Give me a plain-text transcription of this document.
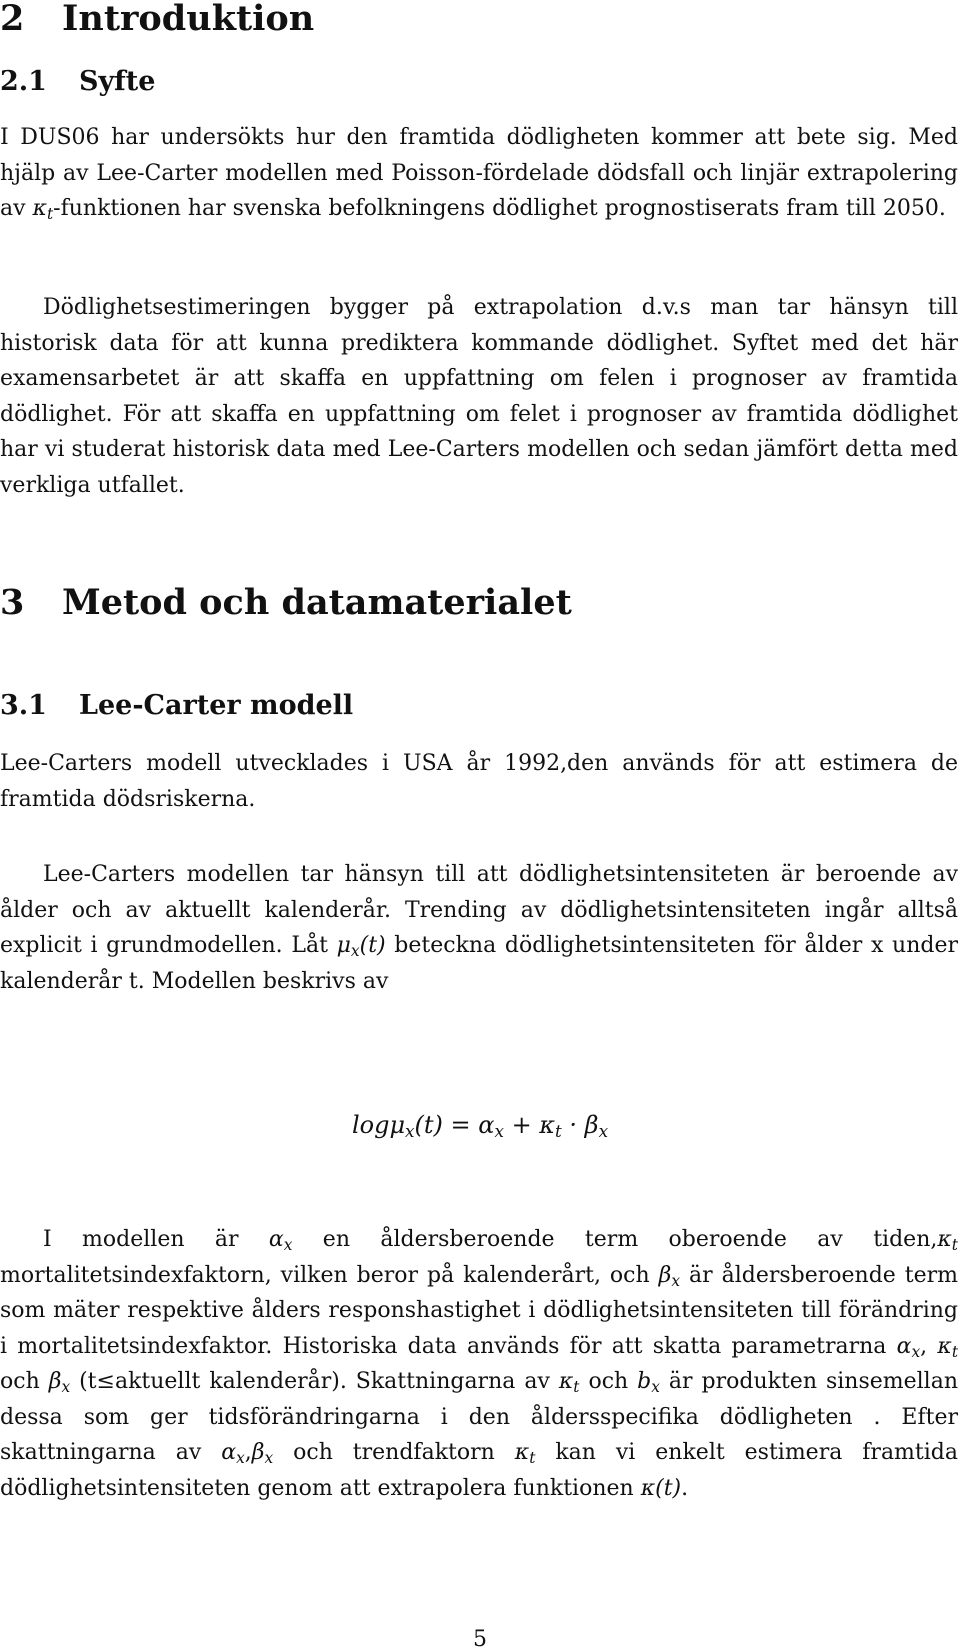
2 Introduktion
2.1 Syfte
I DUS06 har undersökts hur den framtida dödligheten kommer att bete sig. Med hjälp av Lee-Carter modellen med Poisson-fördelade dödsfall och linjär extrapolering av $\kappa_t$-funktionen har svenska befolkningens dödlighet prognostiserats fram till 2050.
Dödlighetsestimeringen bygger på extrapolation d.v.s man tar hänsyn till historisk data för att kunna prediktera kommande dödlighet. Syftet med det här examensarbetet är att skaffa en uppfattning om felen i prognoser av framtida dödlighet. För att skaffa en uppfattning om felet i prognoser av framtida dödlighet har vi studerat historisk data med Lee-Carters modellen och sedan jämfört detta med verkliga utfallet.
3 Metod och datamaterialet
3.1 Lee-Carter modell
Lee-Carters modell utvecklades i USA år 1992,den används för att estimera de framtida dödsriskerna.
Lee-Carters modellen tar hänsyn till att dödlighetsintensiteten är beroende av ålder och av aktuellt kalenderår. Trending av dödlighetsintensiteten ingår alltså explicit i grundmodellen. Låt $\mu_x(t)$ beteckna dödlighetsintensiteten för ålder x under kalenderår t. Modellen beskrivs av
$\log\mu_x(t) = \alpha_x + \kappa_t \cdot \beta_x$
I modellen är $\alpha_x$ en åldersberoende term oberoende av $tiden,\kappa_t$ mortalitetsindexfaktorn, vilken beror på kalenderårt, och $\beta_x$ är åldersberoende term som mäter respektive ålders responshastighet i dödlighetsintensiteten till förändring i mortalitetsindexfaktor. Historiska data används för att skatta parametrarna $\alpha_x$, $\kappa_t$ och $\beta_x$ (t≤aktuellt kalenderår). Skattningarna av $\kappa_t$ och $b_x$ är produkten sinsemellan dessa som ger tidsförändringarna i den åldersspecifika dödligheten . Efter skattningarna av $\alpha_x,\beta_x$ och trendfaktorn $\kappa_t$ kan vi enkelt estimera framtida dödlighetsintensiteten genom att extrapolera funktionen κ(t).
5
